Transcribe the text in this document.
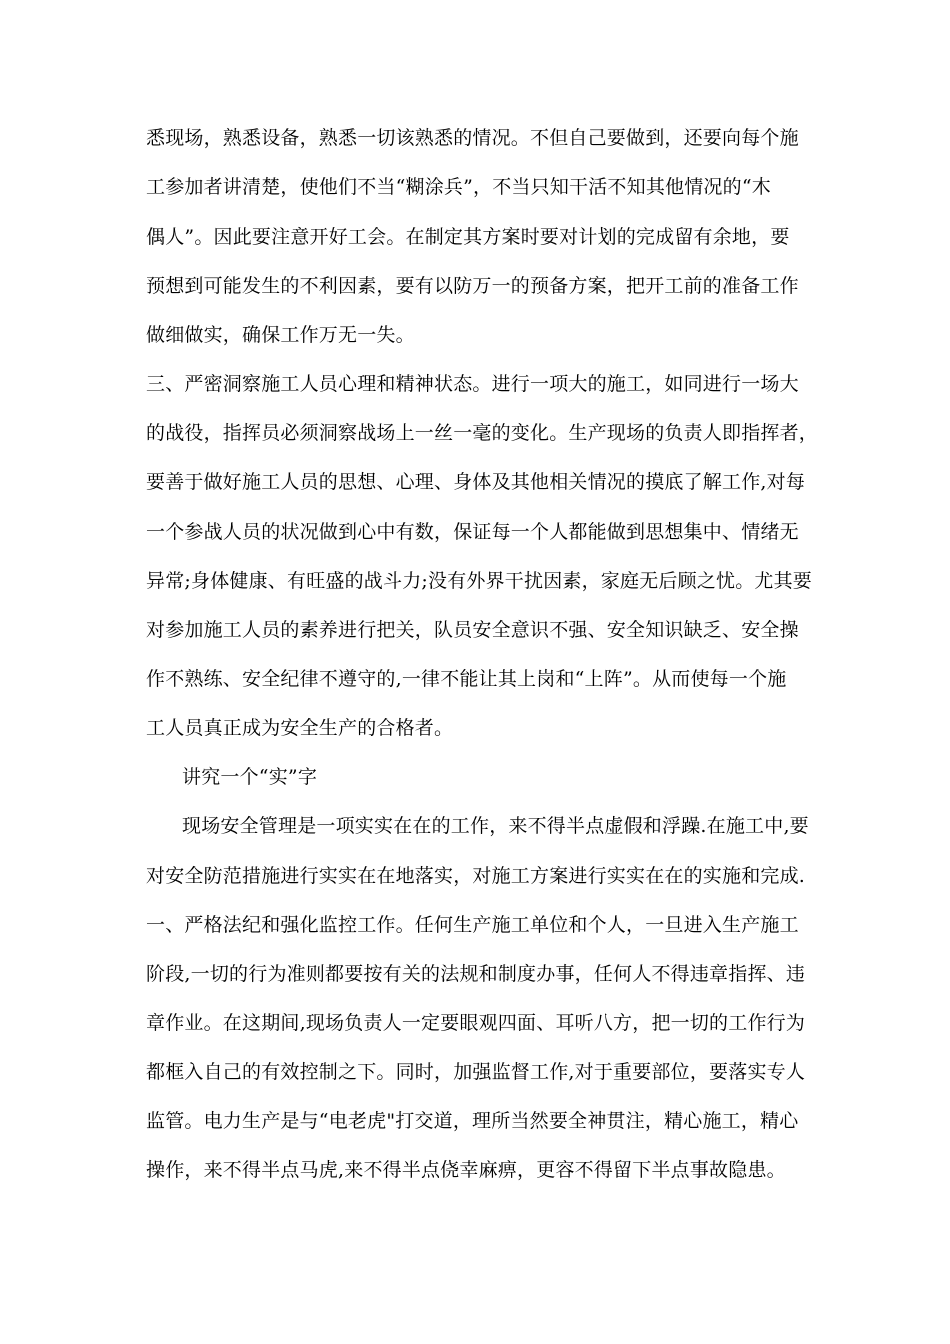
悉现场，熟悉设备，熟悉一切该熟悉的情况。不但自己要做到，还要向每个施
工参加者讲清楚，使他们不当“糊涂兵”，不当只知干活不知其他情况的“木
偶人”。因此要注意开好工会。在制定其方案时要对计划的完成留有余地，要
预想到可能发生的不利因素，要有以防万一的预备方案，把开工前的准备工作
做细做实，确保工作万无一失。
三、严密洞察施工人员心理和精神状态。进行一项大的施工，如同进行一场大
的战役，指挥员必须洞察战场上一丝一毫的变化。生产现场的负责人即指挥者，
要善于做好施工人员的思想、心理、身体及其他相关情况的摸底了解工作,对每
一个参战人员的状况做到心中有数，保证每一个人都能做到思想集中、情绪无
异常;身体健康、有旺盛的战斗力;没有外界干扰因素，家庭无后顾之忧。尤其要
对参加施工人员的素养进行把关，队员安全意识不强、安全知识缺乏、安全操
作不熟练、安全纪律不遵守的,一律不能让其上岗和“上阵”。从而使每一个施
工人员真正成为安全生产的合格者。
讲究一个“实”字
现场安全管理是一项实实在在的工作，来不得半点虚假和浮躁.在施工中,要
对安全防范措施进行实实在在地落实，对施工方案进行实实在在的实施和完成.
一、严格法纪和强化监控工作。任何生产施工单位和个人，一旦进入生产施工
阶段,一切的行为准则都要按有关的法规和制度办事，任何人不得违章指挥、违
章作业。在这期间,现场负责人一定要眼观四面、耳听八方，把一切的工作行为
都框入自己的有效控制之下。同时，加强监督工作,对于重要部位，要落实专人
监管。电力生产是与“电老虎"打交道，理所当然要全神贯注，精心施工，精心
操作，来不得半点马虎,来不得半点侥幸麻痹，更容不得留下半点事故隐患。
